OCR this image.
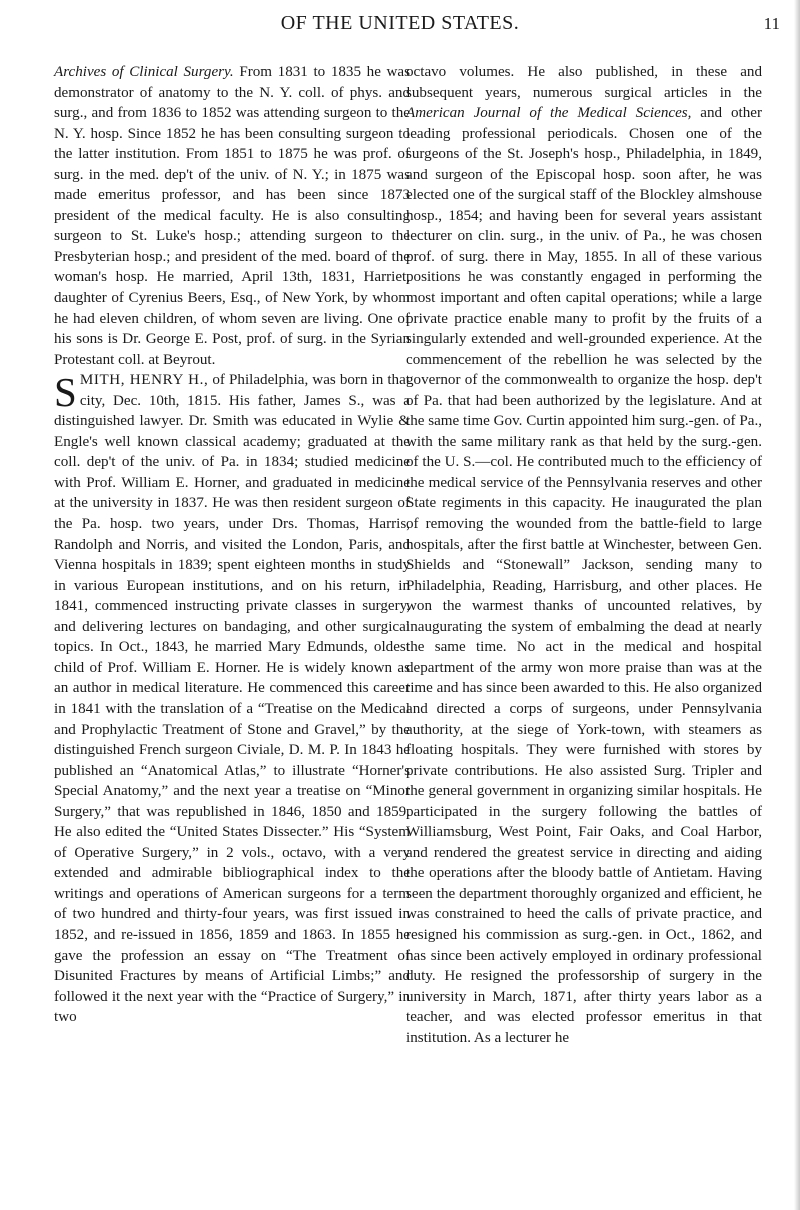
OF THE UNITED STATES.	11

Archives of Clinical Surgery. From 1831 to 1835 he was demonstrator of anatomy to the N. Y. coll. of phys. and surg., and from 1836 to 1852 was attending surgeon to the N. Y. hosp. Since 1852 he has been consulting surgeon to the latter institution. From 1851 to 1875 he was prof. of surg. in the med. dep't of the univ. of N. Y.; in 1875 was made emeritus professor, and has been since 1873 president of the medical faculty. He is also consulting surgeon to St. Luke's hosp.; attending surgeon to the Presbyterian hosp.; and president of the med. board of the woman's hosp. He married, April 13th, 1831, Harriet, daughter of Cyrenius Beers, Esq., of New York, by whom he had eleven children, of whom seven are living. One of his sons is Dr. George E. Post, prof. of surg. in the Syrian Protestant coll. at Beyrout.

SMITH, HENRY H., of Philadelphia, was born in that city, Dec. 10th, 1815. His father, James S., was a distinguished lawyer. Dr. Smith was educated in Wylie & Engle's well known classical academy; graduated at the coll. dep't of the univ. of Pa. in 1834; studied medicine with Prof. William E. Horner, and graduated in medicine at the university in 1837. He was then resident surgeon of the Pa. hosp. two years, under Drs. Thomas, Harris, Randolph and Norris, and visited the London, Paris, and Vienna hospitals in 1839; spent eighteen months in study in various European institutions, and on his return, in 1841, commenced instructing private classes in surgery, and delivering lectures on bandaging, and other surgical topics. In Oct., 1843, he married Mary Edmunds, oldest child of Prof. William E. Horner. He is widely known as an author in medical literature. He commenced this career in 1841 with the translation of a “Treatise on the Medical and Prophylactic Treatment of Stone and Gravel,” by the distinguished French surgeon Civiale, D. M. P. In 1843 he published an “Anatomical Atlas,” to illustrate “Horner's Special Anatomy,” and the next year a treatise on “Minor Surgery,” that was republished in 1846, 1850 and 1859. He also edited the “United States Dissecter.” His “System of Operative Surgery,” in 2 vols., octavo, with a very extended and admirable bibliographical index to the writings and operations of American surgeons for a term of two hundred and thirty-four years, was first issued in 1852, and re-issued in 1856, 1859 and 1863. In 1855 he gave the profession an essay on “The Treatment of Disunited Fractures by means of Artificial Limbs;” and followed it the next year with the “Practice of Surgery,” in two

octavo volumes. He also published, in these and subsequent years, numerous surgical articles in the American Journal of the Medical Sciences, and other leading professional periodicals. Chosen one of the surgeons of the St. Joseph's hosp., Philadelphia, in 1849, and surgeon of the Episcopal hosp. soon after, he was elected one of the surgical staff of the Blockley almshouse hosp., 1854; and having been for several years assistant lecturer on clin. surg., in the univ. of Pa., he was chosen prof. of surg. there in May, 1855. In all of these various positions he was constantly engaged in performing the most important and often capital operations; while a large private practice enable many to profit by the fruits of a singularly extended and well-grounded experience. At the commencement of the rebellion he was selected by the governor of the commonwealth to organize the hosp. dep't of Pa. that had been authorized by the legislature. And at the same time Gov. Curtin appointed him surg.-gen. of Pa., with the same military rank as that held by the surg.-gen. of the U. S.—col. He contributed much to the efficiency of the medical service of the Pennsylvania reserves and other State regiments in this capacity. He inaugurated the plan of removing the wounded from the battle-field to large hospitals, after the first battle at Winchester, between Gen. Shields and “Stonewall” Jackson, sending many to Philadelphia, Reading, Harrisburg, and other places. He won the warmest thanks of uncounted relatives, by inaugurating the system of embalming the dead at nearly the same time. No act in the medical and hospital department of the army won more praise than was at the time and has since been awarded to this. He also organized and directed a corps of surgeons, under Pennsylvania authority, at the siege of York-town, with steamers as floating hospitals. They were furnished with stores by private contributions. He also assisted Surg. Tripler and the general government in organizing similar hospitals. He participated in the surgery following the battles of Williamsburg, West Point, Fair Oaks, and Coal Harbor, and rendered the greatest service in directing and aiding the operations after the bloody battle of Antietam. Having seen the department thoroughly organized and efficient, he was constrained to heed the calls of private practice, and resigned his commission as surg.-gen. in Oct., 1862, and has since been actively employed in ordinary professional duty. He resigned the professorship of surgery in the university in March, 1871, after thirty years labor as a teacher, and was elected professor emeritus in that institution. As a lecturer he
